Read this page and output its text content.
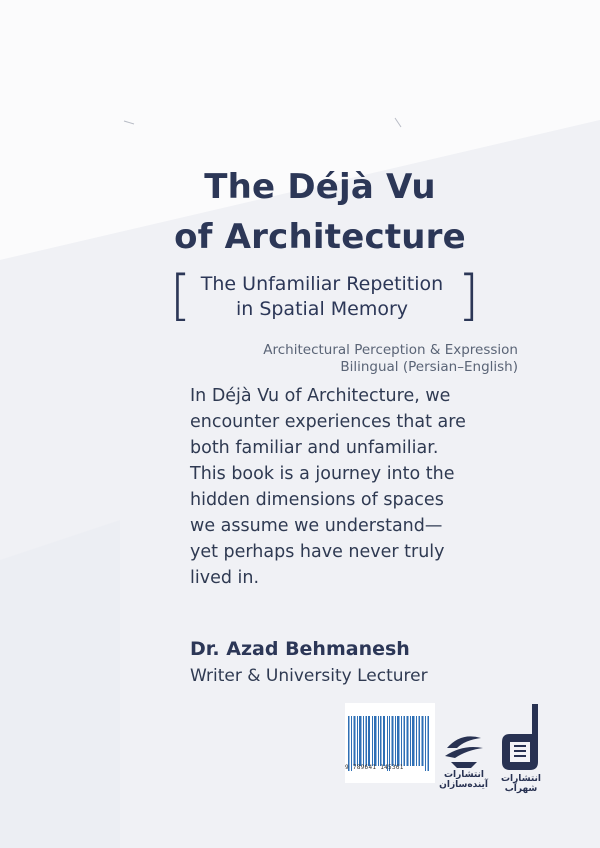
The Déjà Vu
of Architecture
[ The Unfamiliar Repetition
in Spatial Memory ]
Architectural Perception & Expression
Bilingual (Persian–English)
In Déjà Vu of Architecture, we
encounter experiences that are
both familiar and unfamiliar.
This book is a journey into the
hidden dimensions of spaces
we assume we understand—
yet perhaps have never truly
lived in.
Dr. Azad Behmanesh
Writer & University Lecturer
9 789641 145361
انتشارات
آینده‌سازان
انتشارات
شهرآب
